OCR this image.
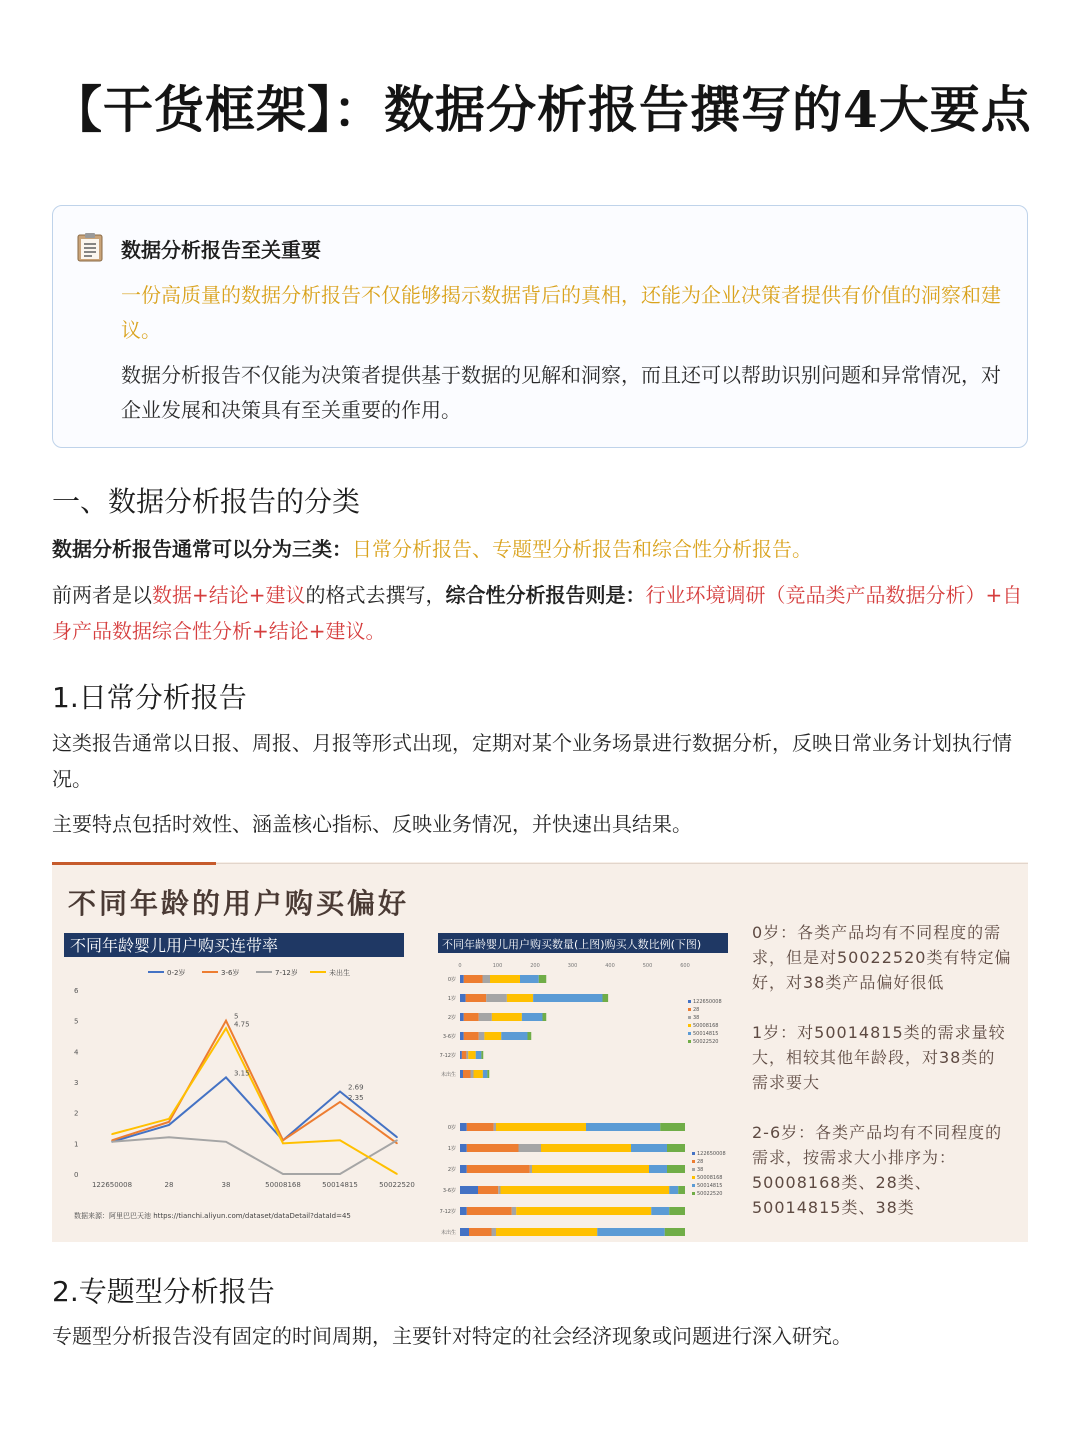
【干货框架】：数据分析报告撰写的4大要点
数据分析报告至关重要
一份高质量的数据分析报告不仅能够揭示数据背后的真相，还能为企业决策者提供有价值的洞察和建议。
数据分析报告不仅能为决策者提供基于数据的见解和洞察，而且还可以帮助识别问题和异常情况，对企业发展和决策具有至关重要的作用。
一、数据分析报告的分类
数据分析报告通常可以分为三类：日常分析报告、专题型分析报告和综合性分析报告。
前两者是以数据+结论+建议的格式去撰写，综合性分析报告则是：行业环境调研（竞品类产品数据分析）+自身产品数据综合性分析+结论+建议。
1.日常分析报告
这类报告通常以日报、周报、月报等形式出现，定期对某个业务场景进行数据分析，反映日常业务计划执行情况。
主要特点包括时效性、涵盖核心指标、反映业务情况，并快速出具结果。
不同年龄的用户购买偏好
不同年龄婴儿用户购买连带率
0
1
2
3
4
5
6
122650008	28	38	50008168	50014815	50022520
0-2岁	3-6岁	7-12岁	未出生
3.15
5
4.75
2.69
2.35
不同年龄婴儿用户购买数量(上图)购买人数比例(下图)
0	100	200	300	400	500	600
0岁
1岁
2岁
3-6岁
7-12岁
未出生
122650008
28
38
50008168
50014815
50022520
0岁
1岁
2岁
3-6岁
7-12岁
未出生
122650008
28
38
50008168
50014815
50022520
数据来源：阿里巴巴天池 https://tianchi.aliyun.com/dataset/dataDetail?dataId=45

0岁：各类产品均有不同程度的需求，但是对50022520类有特定偏好，对38类产品偏好很低

1岁：对50014815类的需求量较大，相较其他年龄段，对38类的需求要大

2-6岁：各类产品均有不同程度的需求，按需求大小排序为：50008168类、28类、50014815类、38类

2.专题型分析报告
专题型分析报告没有固定的时间周期，主要针对特定的社会经济现象或问题进行深入研究。
